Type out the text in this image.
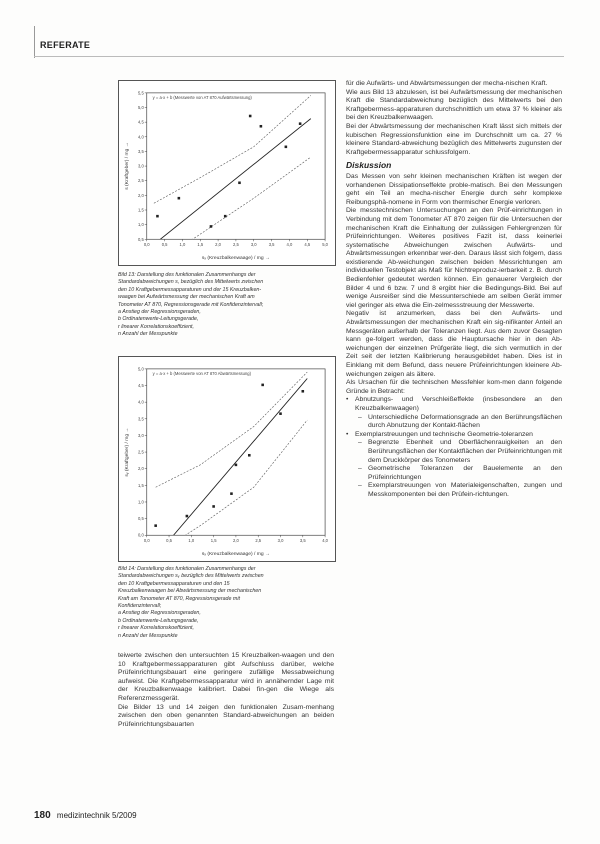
REFERATE
y = a·x + b (Messwerte von AT 870 Aufwärtsmessung)
0,0	0,5	1,0	1,5	2,0	2,5	3,0	3,5	4,0	4,5	5,0
0,5
1,0
1,5
2,0
2,5
3,0
3,5
4,0
4,5
5,0
5,5
sₓ (Kreuzbalkenwaage) / mg →
s (Kraftgeber) / mg →

Bild 13: Darstellung des funktionalen Zusammenhangs der

Standardabweichungen s, bezüglich des Mittelwerts zwischen

den 10 Kraftgebermessapparaturen und der 15 Kreuzbalken-

waagen bei Aufwärtsmessung der mechanischen Kraft am

Tonometer AT 870, Regressionsgerade mit Konfidenzintervall;

a Anstieg der Regressionsgeraden,
b Ordinatenwerte-Leitungsgerade,
r linearer Korrelationskoeffizient,
n Anzahl der Messpunkte
y = a·x + b (Messwerte von AT 870 Abwärtsmessung)
0,0	0,5	1,0	1,5	2,0	2,5	3,0	3,5	4,0
0,0
0,5
1,0
1,5
2,0
2,5
3,0
3,5
4,0
4,5
5,0
sₓ (Kreuzbalkenwaage) / mg →
sᵧ (Kraftgeber) / mg →

Bild 14: Darstellung des funktionalen Zusammenhangs der

Standardabweichungen sᵧ bezüglich des Mittelwerts zwischen

den 10 Kraftgebermessapparaturen und den 15

Kreuzbalkenwaagen bei Abwärtsmessung der mechanischen

Kraft am Tonometer AT 870, Regressionsgerade mit

Konfidenzintervall;

a Anstieg der Regressionsgeraden,
b Ordinatenwerte-Leitungsgerade,
r linearer Korrelationskoeffizient,
n Anzahl der Messpunkte

teiwerte zwischen den untersuchten 15 Kreuzbalken-waagen und den 10 Kraftgebermessapparaturen gibt Aufschluss darüber, welche Prüfeinrichtungsbauart eine geringere zufällige Messabweichung aufweist. Die Kraftgebermessapparatur wird in annähernder Lage mit der Kreuzbalkenwaage kalibriert. Dabei fin-gen die Wiege als Referenzmessgerät.

Die Bilder 13 und 14 zeigen den funktionalen Zusam-menhang zwischen den oben genannten Standard-abweichungen an beiden Prüfeinrichtungsbauarten

für die Aufwärts- und Abwärtsmessungen der mecha-nischen Kraft.

Wie aus Bild 13 abzulesen, ist bei Aufwärtsmessung der mechanischen Kraft die Standardabweichung bezüglich des Mittelwerts bei den Kraftgebermess-apparaturen durchschnittlich um etwa 37 % kleiner als bei den Kreuzbalkenwaagen.

Bei der Abwärtsmessung der mechanischen Kraft lässt sich mittels der kubischen Regressionsfunktion eine im Durchschnitt um ca. 27 % kleinere Standard-abweichung bezüglich des Mittelwerts zugunsten der Kraftgebermessapparatur schlussfolgern.

Diskussion

Das Messen von sehr kleinen mechanischen Kräften ist wegen der vorhandenen Dissipationseffekte proble-matisch. Bei den Messungen geht ein Teil an mecha-nischer Energie durch sehr komplexe Reibungsphä-nomene in Form von thermischer Energie verloren.

Die messtechnischen Untersuchungen an den Prüf-einrichtungen in Verbindung mit dem Tonometer AT 870 zeigen für die Untersuchen der mechanischen Kraft die Einhaltung der zulässigen Fehlergrenzen für Prüfeinrichtungen. Weiteres positives Fazit ist, dass keinerlei systematische Abweichungen zwischen Aufwärts- und Abwärtsmessungen erkennbar wer-den. Daraus lässt sich folgern, dass existierende Ab-weichungen zwischen beiden Messrichtungen am individuellen Testobjekt als Maß für Nichtreproduz-ierbarkeit z. B. durch Bedienfehler gedeutet werden können. Ein genauerer Vergleich der Bilder 4 und 6 bzw. 7 und 8 ergibt hier die Bedingungs-Bild. Bei auf wenige Ausreißer sind die Messunterschiede am selben Gerät immer viel geringer als etwa die Ein-zelmessstreuung der Messwerte.

Negativ ist anzumerken, dass bei den Aufwärts- und Abwärtsmessungen der mechanischen Kraft ein sig-nifikanter Anteil an Messgeräten außerhalb der Toleranzen liegt. Aus dem zuvor Gesagten kann ge-folgert werden, dass die Hauptursache hier in den Ab-weichungen der einzelnen Prüfgeräte liegt, die sich vermutlich in der Zeit seit der letzten Kalibrierung herausgebildet haben. Dies ist in Einklang mit dem Befund, dass neuere Prüfeinrichtungen kleinere Ab-weichungen zeigen als ältere.

Als Ursachen für die technischen Messfehler kom-men dann folgende Gründe in Betracht:

• Abnutzungs- und Verschleißeffekte (insbesondere an den Kreuzbalkenwaagen)
– Unterschiedliche Deformationsgrade an den Berührungsflächen durch Abnutzung der Kontakt-flächen
• Exemplarstreuungen und technische Geometrie-toleranzen
– Begrenzte Ebenheit und Oberflächenrauigkeiten an den Berührungsflächen der Kontaktflächen der Prüfeinrichtungen mit dem Druckkörper des Tonometers
– Geometrische Toleranzen der Bauelemente an den Prüfeinrichtungen
– Exemplarstreuungen von Materialeigenschaften, zungen und Messkomponenten bei den Prüfein-richtungen.
180 medizintechnik 5/2009
